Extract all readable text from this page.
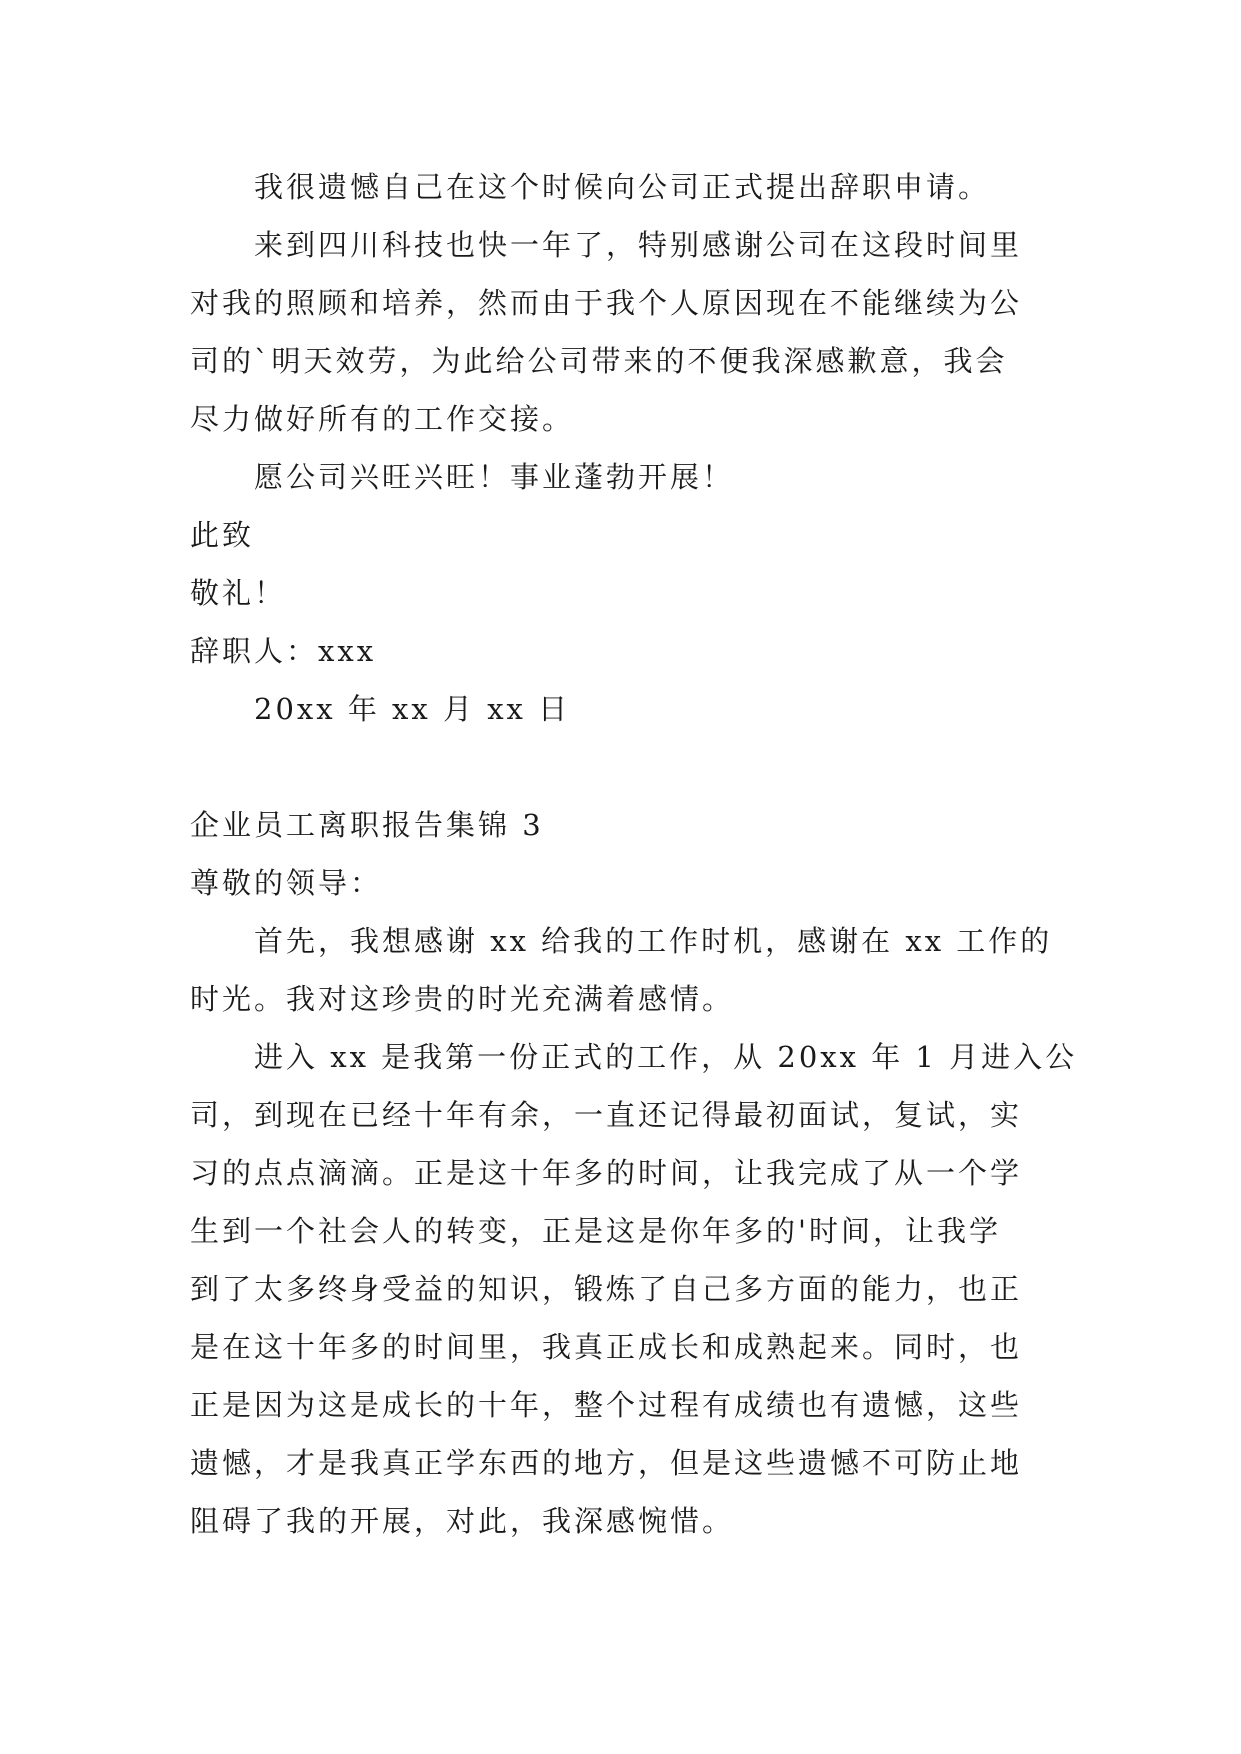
我很遗憾自己在这个时候向公司正式提出辞职申请。

来到四川科技也快一年了，特别感谢公司在这段时间里

对我的照顾和培养，然而由于我个人原因现在不能继续为公

司的`明天效劳，为此给公司带来的不便我深感歉意，我会

尽力做好所有的工作交接。

愿公司兴旺兴旺！事业蓬勃开展！

此致

敬礼！

辞职人：xxx

20xx 年 xx 月 xx 日

企业员工离职报告集锦 3

尊敬的领导：

首先，我想感谢 xx 给我的工作时机，感谢在 xx 工作的

时光。我对这珍贵的时光充满着感情。

进入 xx 是我第一份正式的工作，从 20xx 年 1 月进入公

司，到现在已经十年有余，一直还记得最初面试，复试，实

习的点点滴滴。正是这十年多的时间，让我完成了从一个学

生到一个社会人的转变，正是这是你年多的'时间，让我学

到了太多终身受益的知识，锻炼了自己多方面的能力，也正

是在这十年多的时间里，我真正成长和成熟起来。同时，也

正是因为这是成长的十年，整个过程有成绩也有遗憾，这些

遗憾，才是我真正学东西的地方，但是这些遗憾不可防止地

阻碍了我的开展，对此，我深感惋惜。
